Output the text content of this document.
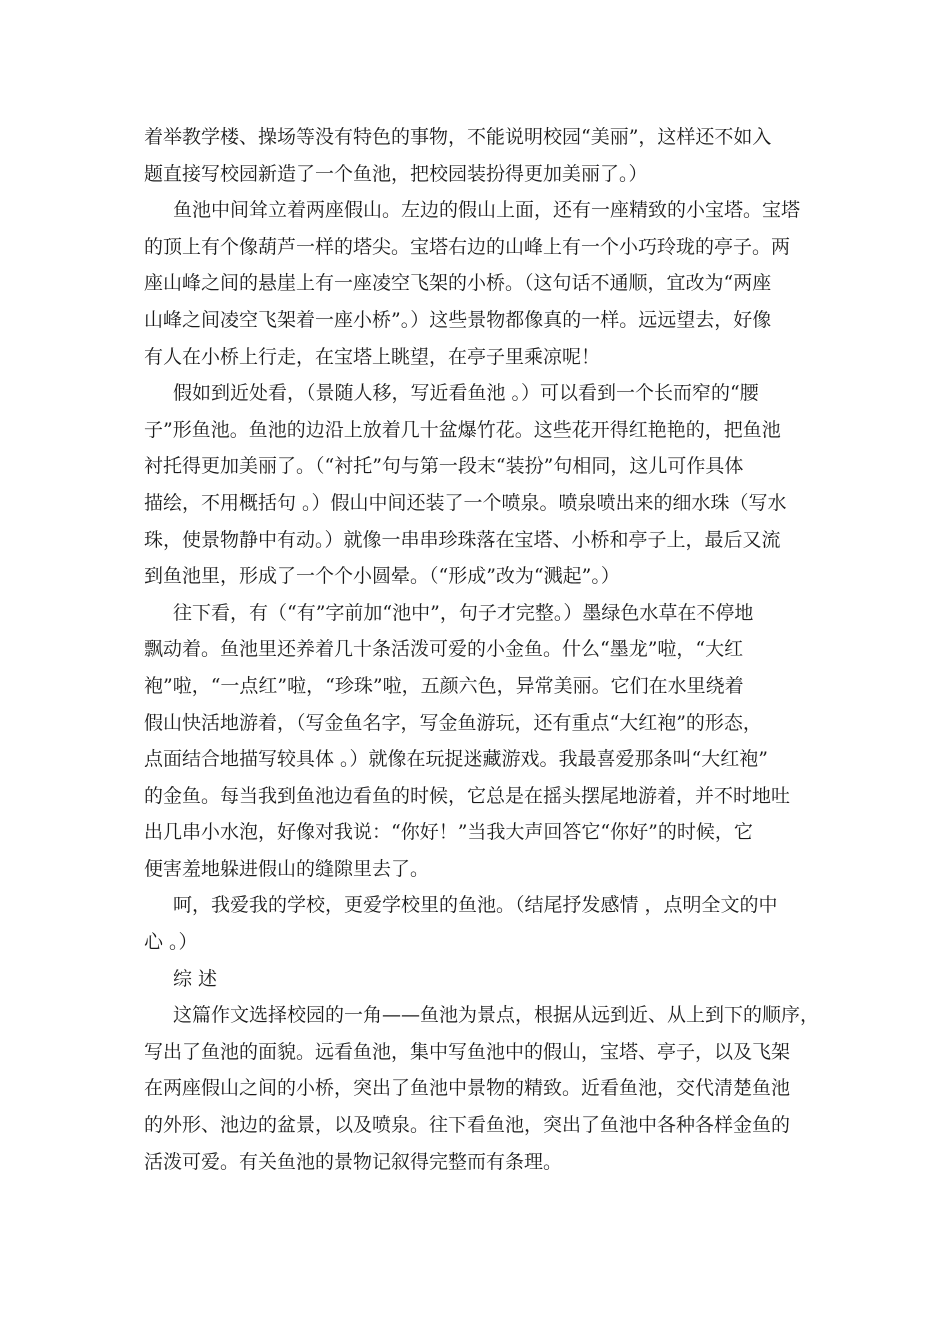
着举教学楼、操场等没有特色的事物，不能说明校园“美丽”，这样还不如入
题直接写校园新造了一个鱼池，把校园装扮得更加美丽了。）
鱼池中间耸立着两座假山。左边的假山上面，还有一座精致的小宝塔。宝塔
的顶上有个像葫芦一样的塔尖。宝塔右边的山峰上有一个小巧玲珑的亭子。两
座山峰之间的悬崖上有一座凌空飞架的小桥。（这句话不通顺，宜改为“两座
山峰之间凌空飞架着一座小桥”。）这些景物都像真的一样。远远望去，好像
有人在小桥上行走，在宝塔上眺望，在亭子里乘凉呢！
假如到近处看，（景随人移，写近看鱼池 。）可以看到一个长而窄的“腰
子”形鱼池。鱼池的边沿上放着几十盆爆竹花。这些花开得红艳艳的，把鱼池
衬托得更加美丽了。（“衬托”句与第一段末“装扮”句相同，这儿可作具体
描绘，不用概括句 。）假山中间还装了一个喷泉。喷泉喷出来的细水珠（写水
珠，使景物静中有动。）就像一串串珍珠落在宝塔、小桥和亭子上，最后又流
到鱼池里，形成了一个个小圆晕。（“形成”改为“溅起”。）
往下看，有（“有”字前加“池中”，句子才完整。）墨绿色水草在不停地
飘动着。鱼池里还养着几十条活泼可爱的小金鱼。什么“墨龙”啦，“大红
袍”啦，“一点红”啦，“珍珠”啦，五颜六色，异常美丽。它们在水里绕着
假山快活地游着，（写金鱼名字，写金鱼游玩，还有重点“大红袍”的形态，
点面结合地描写较具体 。）就像在玩捉迷藏游戏。我最喜爱那条叫“大红袍”
的金鱼。每当我到鱼池边看鱼的时候，它总是在摇头摆尾地游着，并不时地吐
出几串小水泡，好像对我说：“你好！”当我大声回答它“你好”的时候，它
便害羞地躲进假山的缝隙里去了。
呵，我爱我的学校，更爱学校里的鱼池。（结尾抒发感情 ，点明全文的中
心 。）
综 述
这篇作文选择校园的一角——鱼池为景点，根据从远到近、从上到下的顺序，
写出了鱼池的面貌。远看鱼池，集中写鱼池中的假山，宝塔、亭子，以及飞架
在两座假山之间的小桥，突出了鱼池中景物的精致。近看鱼池，交代清楚鱼池
的外形、池边的盆景，以及喷泉。往下看鱼池，突出了鱼池中各种各样金鱼的
活泼可爱。有关鱼池的景物记叙得完整而有条理。
